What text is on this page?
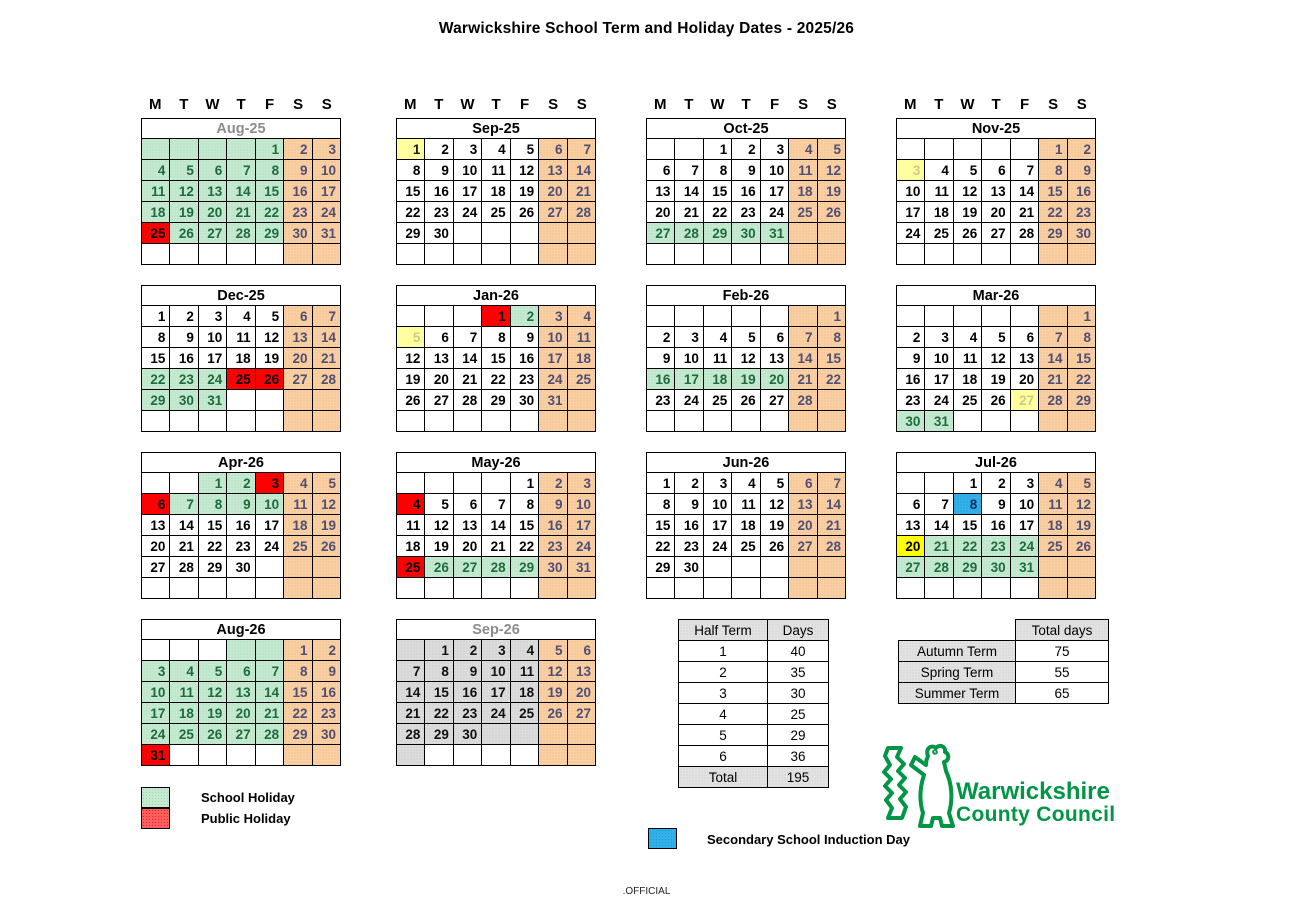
Warwickshire School Term and Holiday Dates - 2025/26
M	T	W	T	F	S	S
Aug-25						
				1	2	3
4	5	6	7	8	9	10
11	12	13	14	15	16	17
18	19	20	21	22	23	24
25	26	27	28	29	30	31

M	T	W	T	F	S	S
Sep-25						
1	2	3	4	5	6	7
8	9	10	11	12	13	14
15	16	17	18	19	20	21
22	23	24	25	26	27	28
29	30					

M	T	W	T	F	S	S
Oct-25						
		1	2	3	4	5
6	7	8	9	10	11	12
13	14	15	16	17	18	19
20	21	22	23	24	25	26
27	28	29	30	31		

M	T	W	T	F	S	S
Nov-25						
					1	2
3	4	5	6	7	8	9
10	11	12	13	14	15	16
17	18	19	20	21	22	23
24	25	26	27	28	29	30

Dec-25						
1	2	3	4	5	6	7
8	9	10	11	12	13	14
15	16	17	18	19	20	21
22	23	24	25	26	27	28
29	30	31				

Jan-26						
			1	2	3	4
5	6	7	8	9	10	11
12	13	14	15	16	17	18
19	20	21	22	23	24	25
26	27	28	29	30	31	

Feb-26						
						1
2	3	4	5	6	7	8
9	10	11	12	13	14	15
16	17	18	19	20	21	22
23	24	25	26	27	28	

Mar-26						
						1
2	3	4	5	6	7	8
9	10	11	12	13	14	15
16	17	18	19	20	21	22
23	24	25	26	27	28	29
30	31					
Apr-26						
		1	2	3	4	5
6	7	8	9	10	11	12
13	14	15	16	17	18	19
20	21	22	23	24	25	26
27	28	29	30			

May-26						
				1	2	3
4	5	6	7	8	9	10
11	12	13	14	15	16	17
18	19	20	21	22	23	24
25	26	27	28	29	30	31

Jun-26						
1	2	3	4	5	6	7
8	9	10	11	12	13	14
15	16	17	18	19	20	21
22	23	24	25	26	27	28
29	30					

Jul-26						
		1	2	3	4	5
6	7	8	9	10	11	12
13	14	15	16	17	18	19
20	21	22	23	24	25	26
27	28	29	30	31		

Aug-26						
					1	2
3	4	5	6	7	8	9
10	11	12	13	14	15	16
17	18	19	20	21	22	23
24	25	26	27	28	29	30
31						
Sep-26						
	1	2	3	4	5	6
7	8	9	10	11	12	13
14	15	16	17	18	19	20
21	22	23	24	25	26	27
28	29	30				

Half Term	Days
1	40
2	35
3	30
4	25
5	29
6	36
Total	195
	Total days
Autumn Term	75
Spring Term	55
Summer Term	65
School Holiday
Public Holiday
Secondary School Induction Day
Warwickshire
County Council
.OFFICIAL
